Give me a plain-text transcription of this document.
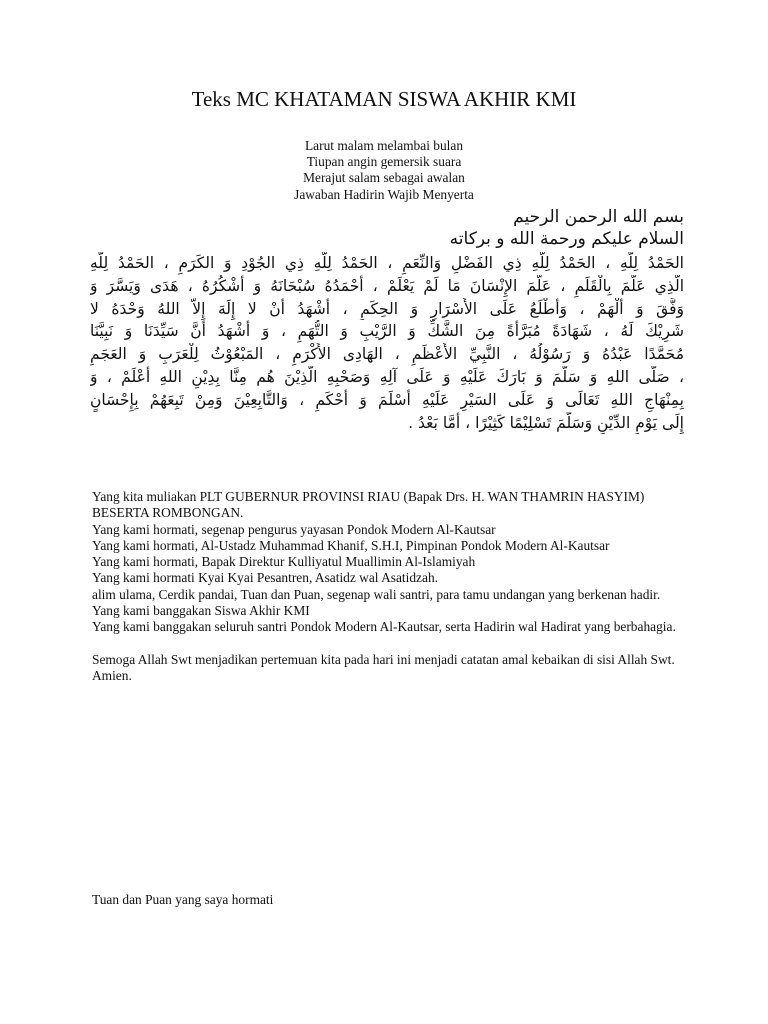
Teks MC KHATAMAN SISWA AKHIR KMI
Larut malam melambai bulan
Tiupan angin gemersik suara
Merajut salam sebagai awalan
Jawaban Hadirin Wajib Menyerta
بسم الله الرحمن الرحيم
السلام عليكم ورحمة الله و بركاته
الحَمْدُ لِلّهِ ، الحَمْدُ لِلّهِ ذِي الفَضْلِ وَالنِّعَمِ ، الحَمْدُ لِلّهِ ذِي الجُوْدِ وَ الكَرَمِ ، الحَمْدُ لِلّهِ
الَّذِي عَلَّمَ بِالْقَلَمِ ، عَلَّمَ الإِنْسَانَ مَا لَمْ يَعْلَمْ ، أَحْمَدُهُ سُبْحَانَهُ وَ أَشْكُرُهُ ، هَدَى وَيَسَّرَ وَ
وَفَّقَ وَ أَلْهَمْ ، وَأَطْلَعُ عَلَى الأَسْرَارِ وَ الحِكَمِ ، أَشْهَدُ أَنْ لا إِلَهَ إِلاَّ اللهُ وَحْدَهُ لا
شَرِيْكَ لَهُ ، شَهَادَةً مُبَرَّأَةً مِنَ الشَّكِّ وَ الرَّيْبِ وَ التُّهَمِ ، وَ أَشْهَدُ أَنَّ سَيِّدَنَا وَ نَبِيَّنَا
مُحَمَّدًا عَبْدُهُ وَ رَسُوْلُهُ ، النَّبِيِّ الأَعْظَمِ ، الهَادِى الأَكْرَمِ ، المَبْعُوْثُ لِلْعَرَبِ وَ العَجَمِ
، صَلَّى اللهِ وَ سَلَّمَ وَ بَارَكَ عَلَيْهِ وَ عَلَى آلِهِ وَصَحْبِهِ الَّذِيْنَ هُم مِنَّا بِدِيْنِ اللهِ أَعْلَمْ ، وَ
بِمِنْهَاجِ اللهِ تَعَالَى وَ عَلَى السَيْرِ عَلَيْهِ أَسْلَمَ وَ أَحْكَمِ ، وَالتَّابِعِيْنَ وَمِنْ تَبِعَهُمْ بِإِحْسَانٍ
إِلَى يَوْمِ الدِّيْنِ وَسَلَّمَ تَسْلِيْمًا كَثِيْرًا ، أَمَّا بَعْدُ .

Yang kita muliakan PLT GUBERNUR PROVINSI RIAU (Bapak Drs. H. WAN THAMRIN HASYIM) BESERTA ROMBONGAN.

Yang kami hormati, segenap pengurus yayasan Pondok Modern Al-Kautsar

Yang kami hormati, Al-Ustadz Muhammad Khanif, S.H.I, Pimpinan Pondok Modern Al-Kautsar

Yang kami hormati, Bapak Direktur Kulliyatul Muallimin Al-Islamiyah

Yang kami hormati Kyai Kyai Pesantren, Asatidz wal Asatidzah.

alim ulama, Cerdik pandai, Tuan dan Puan, segenap wali santri, para tamu undangan yang berkenan hadir.

Yang kami banggakan Siswa Akhir KMI

Yang kami banggakan seluruh santri Pondok Modern Al-Kautsar, serta Hadirin wal Hadirat yang berbahagia.

Semoga Allah Swt menjadikan pertemuan kita pada hari ini menjadi catatan amal kebaikan di sisi Allah Swt. Amien.

Tuan dan Puan yang saya hormati
